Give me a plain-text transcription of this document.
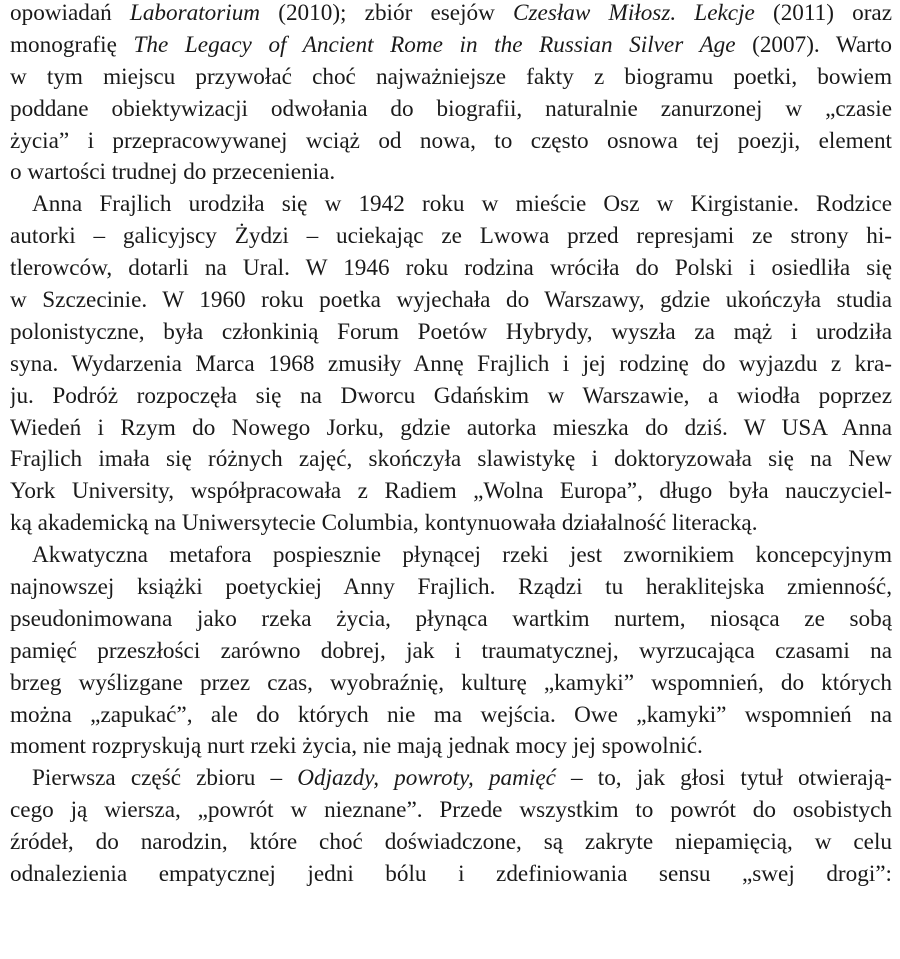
opowiadań Laboratorium (2010); zbiór esejów Czesław Miłosz. Lekcje (2011) oraz
monografię The Legacy of Ancient Rome in the Russian Silver Age (2007). Warto
w tym miejscu przywołać choć najważniejsze fakty z biogramu poetki, bowiem
poddane obiektywizacji odwołania do biografii, naturalnie zanurzonej w „czasie
życia” i przepracowywanej wciąż od nowa, to często osnowa tej poezji, element
o wartości trudnej do przecenienia.
Anna Frajlich urodziła się w 1942 roku w mieście Osz w Kirgistanie. Rodzice
autorki – galicyjscy Żydzi – uciekając ze Lwowa przed represjami ze strony hi-
tlerowców, dotarli na Ural. W 1946 roku rodzina wróciła do Polski i osiedliła się
w Szczecinie. W 1960 roku poetka wyjechała do Warszawy, gdzie ukończyła studia
polonistyczne, była członkinią Forum Poetów Hybrydy, wyszła za mąż i urodziła
syna. Wydarzenia Marca 1968 zmusiły Annę Frajlich i jej rodzinę do wyjazdu z kra-
ju. Podróż rozpoczęła się na Dworcu Gdańskim w Warszawie, a wiodła poprzez
Wiedeń i Rzym do Nowego Jorku, gdzie autorka mieszka do dziś. W USA Anna
Frajlich imała się różnych zajęć, skończyła slawistykę i doktoryzowała się na New
York University, współpracowała z Radiem „Wolna Europa”, długo była nauczyciel-
ką akademicką na Uniwersytecie Columbia, kontynuowała działalność literacką.
Akwatyczna metafora pospiesznie płynącej rzeki jest zwornikiem koncepcyjnym
najnowszej książki poetyckiej Anny Frajlich. Rządzi tu heraklitejska zmienność,
pseudonimowana jako rzeka życia, płynąca wartkim nurtem, niosąca ze sobą
pamięć przeszłości zarówno dobrej, jak i traumatycznej, wyrzucająca czasami na
brzeg wyślizgane przez czas, wyobraźnię, kulturę „kamyki” wspomnień, do których
można „zapukać”, ale do których nie ma wejścia. Owe „kamyki” wspomnień na
moment rozpryskują nurt rzeki życia, nie mają jednak mocy jej spowolnić.
Pierwsza część zbioru – Odjazdy, powroty, pamięć – to, jak głosi tytuł otwierają-
cego ją wiersza, „powrót w nieznane”. Przede wszystkim to powrót do osobistych
źródeł, do narodzin, które choć doświadczone, są zakryte niepamięcią, w celu
odnalezienia empatycznej jedni bólu i zdefiniowania sensu „swej drogi”:
